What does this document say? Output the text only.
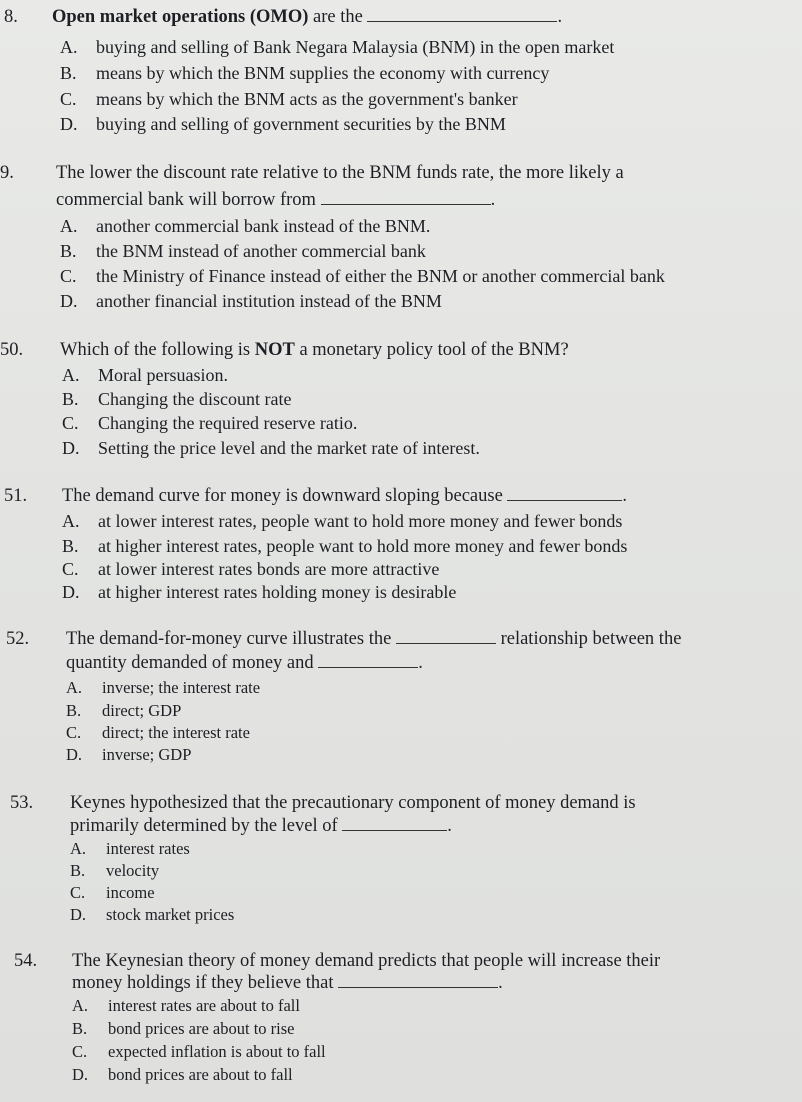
8. Open market operations (OMO) are the	.
A. buying and selling of Bank Negara Malaysia (BNM) in the open market
B. means by which the BNM supplies the economy with currency
C. means by which the BNM acts as the government's banker
D. buying and selling of government securities by the BNM
9. The lower the discount rate relative to the BNM funds rate, the more likely a
commercial bank will borrow from	.
A. another commercial bank instead of the BNM.
B. the BNM instead of another commercial bank
C. the Ministry of Finance instead of either the BNM or another commercial bank
D. another financial institution instead of the BNM
50. Which of the following is NOT a monetary policy tool of the BNM?
A. Moral persuasion.
B. Changing the discount rate
C. Changing the required reserve ratio.
D. Setting the price level and the market rate of interest.
51. The demand curve for money is downward sloping because	.
A. at lower interest rates, people want to hold more money and fewer bonds
B. at higher interest rates, people want to hold more money and fewer bonds
C. at lower interest rates bonds are more attractive
D. at higher interest rates holding money is desirable
52. The demand-for-money curve illustrates the	relationship between the
quantity demanded of money and	.
A. inverse; the interest rate
B. direct; GDP
C. direct; the interest rate
D. inverse; GDP
53. Keynes hypothesized that the precautionary component of money demand is
primarily determined by the level of	.
A. interest rates
B. velocity
C. income
D. stock market prices
54. The Keynesian theory of money demand predicts that people will increase their
money holdings if they believe that	.
A. interest rates are about to fall
B. bond prices are about to rise
C. expected inflation is about to fall
D. bond prices are about to fall
